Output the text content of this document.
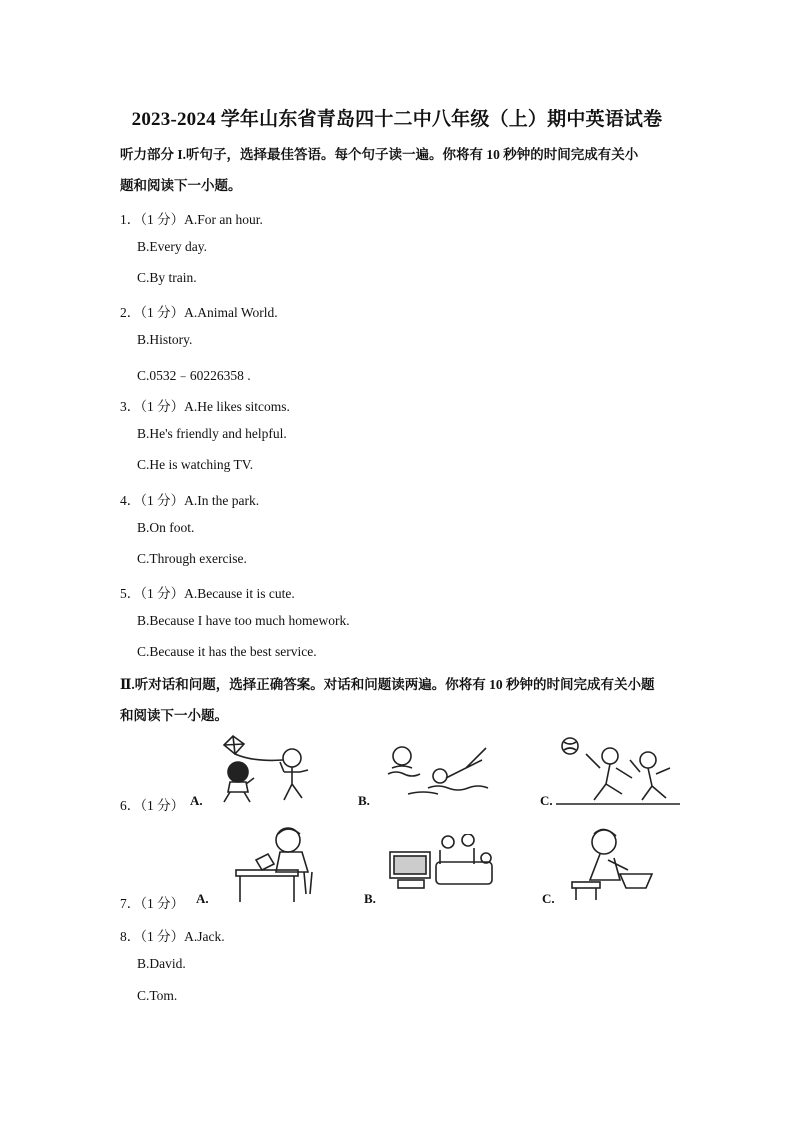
2023-2024 学年山东省青岛四十二中八年级（上）期中英语试卷
听力部分 I.听句子，选择最佳答语。每个句子读一遍。你将有 10 秒钟的时间完成有关小
题和阅读下一小题。
1．（1 分）A.For an hour.
B.Every day.
C.By train.
2．（1 分）A.Animal World.
B.History.
C.0532﹣60226358 .
3．（1 分）A.He likes sitcoms.
B.He's friendly and helpful.
C.He is watching TV.
4．（1 分）A.In the park.
B.On foot.
C.Through exercise.
5．（1 分）A.Because it is cute.
B.Because I have too much homework.
C.Because it has the best service.
Ⅱ.听对话和问题，选择正确答案。对话和问题读两遍。你将有 10 秒钟的时间完成有关小题
和阅读下一小题。
6．（1 分） A.	B.	C.
7．（1 分） A.	B.	C.
8．（1 分）A.Jack.
B.David.
C.Tom.
